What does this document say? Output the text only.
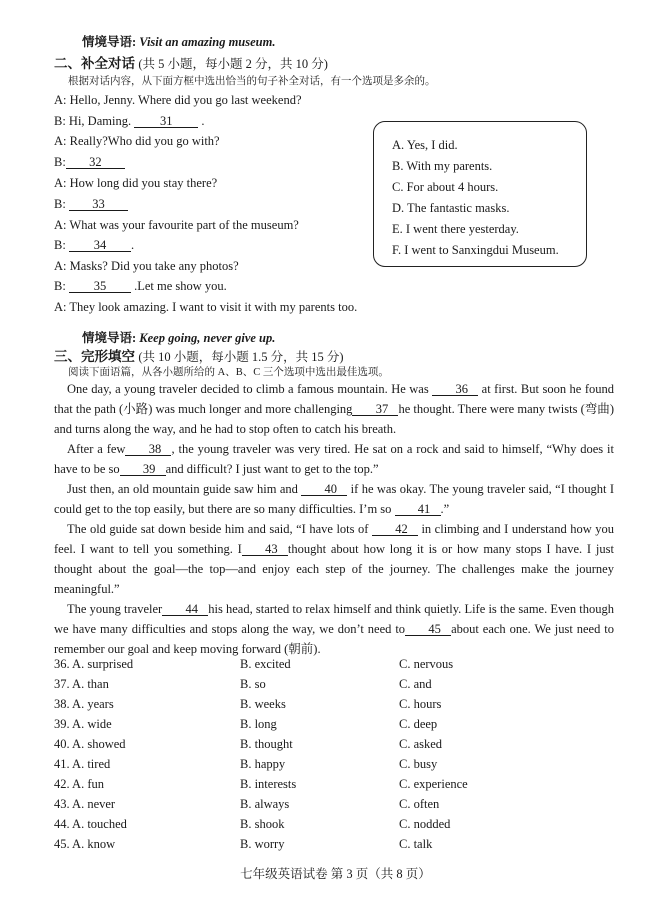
情境导语: Visit an amazing museum.
二、补全对话 (共 5 小题，每小题 2 分，共 10 分)
根据对话内容，从下面方框中选出恰当的句子补全对话，有一个选项是多余的。
A: Hello, Jenny. Where did you go last weekend?
B: Hi, Daming. 31 .
A: Really?Who did you go with?
B: 32
A: How long did you stay there?
B: 33
A: What was your favourite part of the museum?
B: 34 .
A: Masks? Did you take any photos?
B: 35 .Let me show you.
A: They look amazing. I want to visit it with my parents too.
A. Yes, I did.
B. With my parents.
C. For about 4 hours.
D. The fantastic masks.
E. I went there yesterday.
F. I went to Sanxingdui Museum.
情境导语: Keep going, never give up.
三、完形填空 (共 10 小题，每小题 1.5 分，共 15 分)
阅读下面语篇，从各小题所给的 A、B、C 三个选项中选出最佳选项。

One day, a young traveler decided to climb a famous mountain. He was 36 at first. But soon he found that the path (小路) was much longer and more challenging 37 he thought. There were many twists (弯曲) and turns along the way, and he had to stop often to catch his breath.

After a few 38 , the young traveler was very tired. He sat on a rock and said to himself, “Why does it have to be so 39 and difficult? I just want to get to the top.”

Just then, an old mountain guide saw him and 40 if he was okay. The young traveler said, “I thought I could get to the top easily, but there are so many difficulties. I’m so 41 .”

The old guide sat down beside him and said, “I have lots of 42 in climbing and I understand how you feel. I want to tell you something. I 43 thought about how long it is or how many stops I have. I just thought about the goal—the top—and enjoy each step of the journey. The challenges make the journey meaningful.”

The young traveler 44 his head, started to relax himself and think quietly. Life is the same. Even though we have many difficulties and stops along the way, we don’t need to 45 about each one. We just need to remember our goal and keep moving forward (朝前).

36. A. surprised	B. excited	C. nervous
37. A. than	B. so	C. and
38. A. years	B. weeks	C. hours
39. A. wide	B. long	C. deep
40. A. showed	B. thought	C. asked
41. A. tired	B. happy	C. busy
42. A. fun	B. interests	C. experience
43. A. never	B. always	C. often
44. A. touched	B. shook	C. nodded
45. A. know	B. worry	C. talk
七年级英语试卷 第 3 页（共 8 页）
